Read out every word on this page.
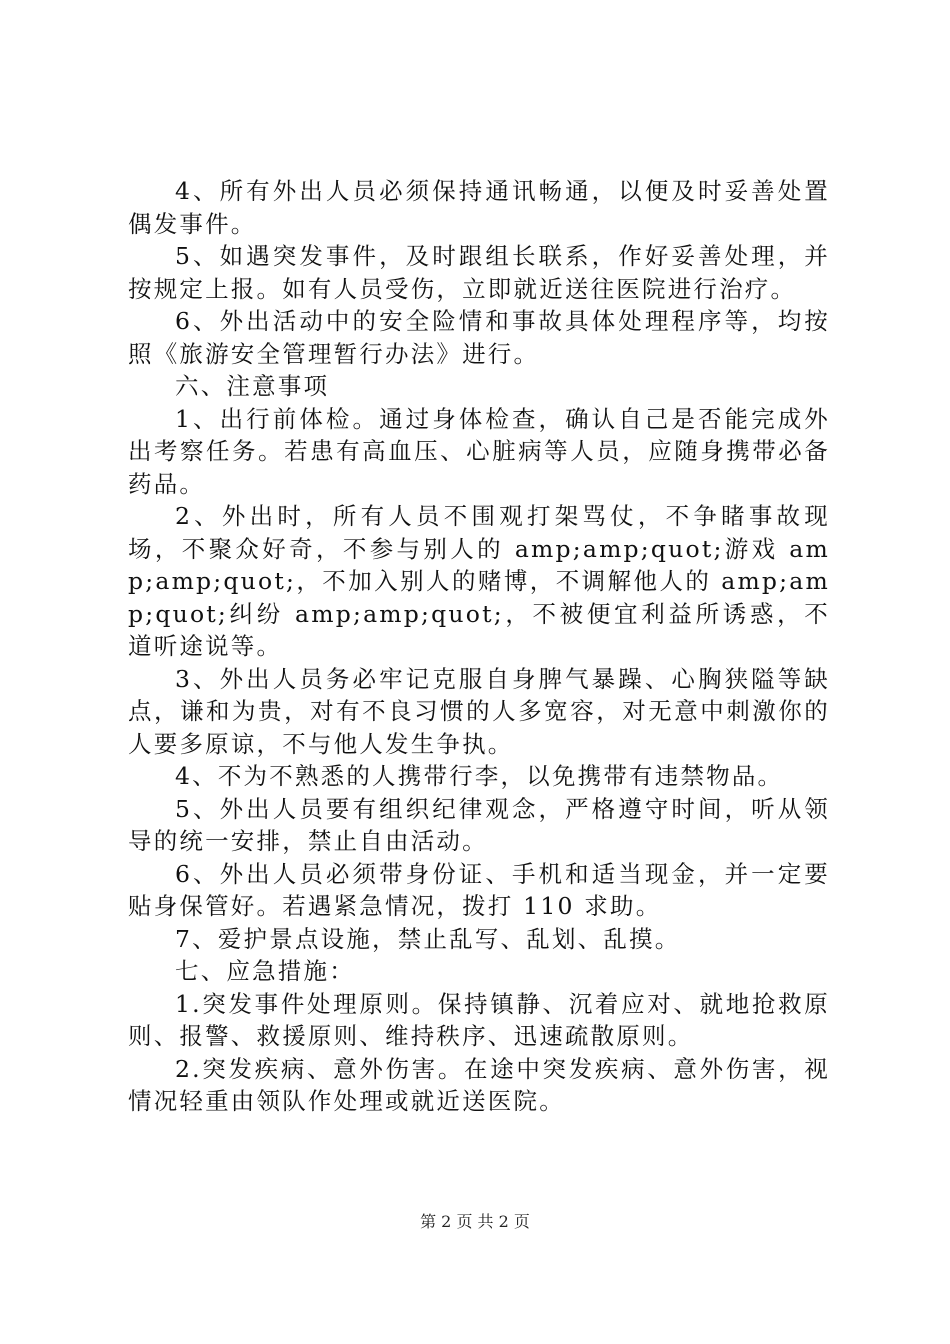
4、所有外出人员必须保持通讯畅通，以便及时妥善处置偶发事件。

5、如遇突发事件，及时跟组长联系，作好妥善处理，并按规定上报。如有人员受伤，立即就近送往医院进行治疗。

6、外出活动中的安全险情和事故具体处理程序等，均按照《旅游安全管理暂行办法》进行。

六、注意事项

1、出行前体检。通过身体检查，确认自己是否能完成外出考察任务。若患有高血压、心脏病等人员，应随身携带必备药品。

2、外出时，所有人员不围观打架骂仗，不争睹事故现场，不聚众好奇，不参与别人的 amp;amp;quot;游戏 amp;amp;quot;，不加入别人的赌博，不调解他人的 amp;amp;quot;纠纷 amp;amp;quot;，不被便宜利益所诱惑，不道听途说等。

3、外出人员务必牢记克服自身脾气暴躁、心胸狭隘等缺点，谦和为贵，对有不良习惯的人多宽容，对无意中刺激你的人要多原谅，不与他人发生争执。

4、不为不熟悉的人携带行李，以免携带有违禁物品。

5、外出人员要有组织纪律观念，严格遵守时间，听从领导的统一安排，禁止自由活动。

6、外出人员必须带身份证、手机和适当现金，并一定要贴身保管好。若遇紧急情况，拨打 110 求助。

7、爱护景点设施，禁止乱写、乱划、乱摸。

七、应急措施：

1.突发事件处理原则。保持镇静、沉着应对、就地抢救原则、报警、救援原则、维持秩序、迅速疏散原则。

2.突发疾病、意外伤害。在途中突发疾病、意外伤害，视情况轻重由领队作处理或就近送医院。

第 2 页 共 2 页
